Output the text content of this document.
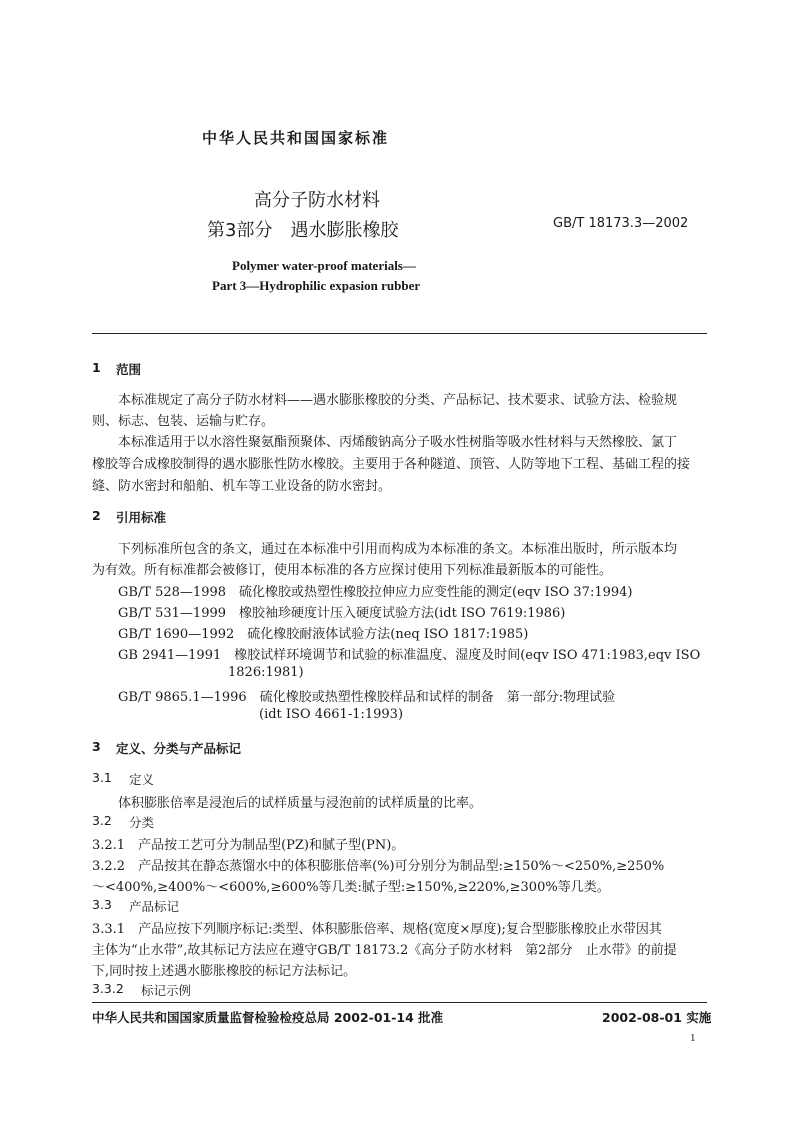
中华人民共和国国家标准
高分子防水材料
第3部分　遇水膨胀橡胶	GB/T 18173.3—2002
Polymer water-proof materials—
Part 3—Hydrophilic expasion rubber
1 范围
本标准规定了高分子防水材料——遇水膨胀橡胶的分类、产品标记、技术要求、试验方法、检验规
则、标志、包装、运输与贮存。
本标准适用于以水溶性聚氨酯预聚体、丙烯酸钠高分子吸水性树脂等吸水性材料与天然橡胶、氯丁
橡胶等合成橡胶制得的遇水膨胀性防水橡胶。主要用于各种隧道、顶管、人防等地下工程、基础工程的接
缝、防水密封和船舶、机车等工业设备的防水密封。
2 引用标准
下列标准所包含的条文，通过在本标准中引用而构成为本标准的条文。本标准出版时，所示版本均
为有效。所有标准都会被修订，使用本标准的各方应探讨使用下列标准最新版本的可能性。
GB/T 528—1998　硫化橡胶或热塑性橡胶拉伸应力应变性能的测定(eqv ISO 37:1994)
GB/T 531—1999　橡胶袖珍硬度计压入硬度试验方法(idt ISO 7619:1986)
GB/T 1690—1992　硫化橡胶耐液体试验方法(neq ISO 1817:1985)
GB 2941—1991　橡胶试样环境调节和试验的标准温度、湿度及时间(eqv ISO 471:1983,eqv ISO
1826:1981)
GB/T 9865.1—1996　硫化橡胶或热塑性橡胶样品和试样的制备　第一部分:物理试验
(idt ISO 4661-1:1993)
3 定义、分类与产品标记
3.1 定义
体积膨胀倍率是浸泡后的试样质量与浸泡前的试样质量的比率。
3.2 分类
3.2.1　产品按工艺可分为制品型(PZ)和腻子型(PN)。
3.2.2　产品按其在静态蒸馏水中的体积膨胀倍率(%)可分别分为制品型:≥150%～<250%,≥250%
～<400%,≥400%～<600%,≥600%等几类:腻子型:≥150%,≥220%,≥300%等几类。
3.3 产品标记
3.3.1　产品应按下列顺序标记:类型、体积膨胀倍率、规格(宽度×厚度);复合型膨胀橡胶止水带因其
主体为“止水带”,故其标记方法应在遵守GB/T 18173.2《高分子防水材料　第2部分　止水带》的前提
下,同时按上述遇水膨胀橡胶的标记方法标记。
3.3.2 标记示例
中华人民共和国国家质量监督检验检疫总局 2002-01-14 批准	2002-08-01 实施
1
